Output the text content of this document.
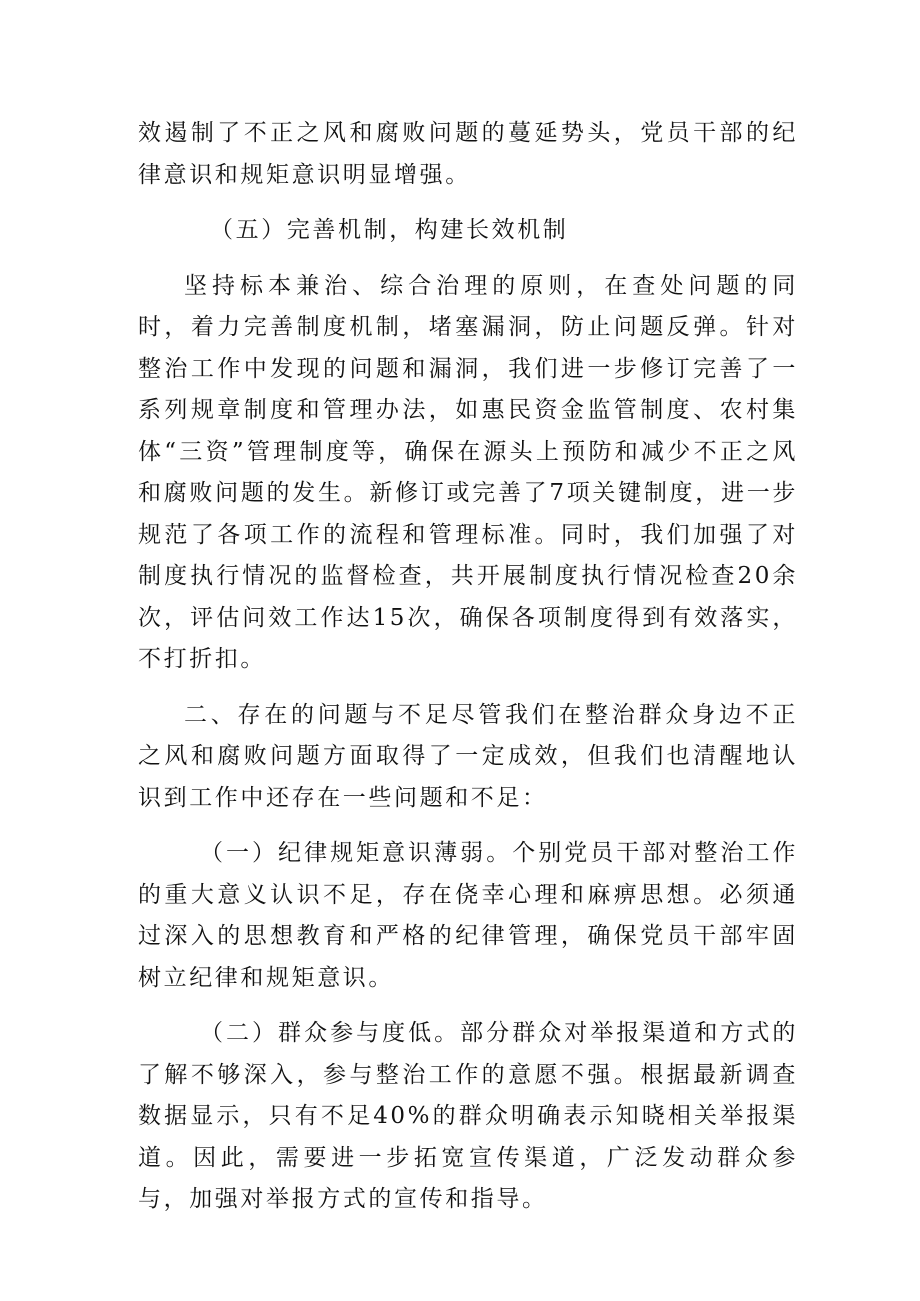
效遏制了不正之风和腐败问题的蔓延势头，党员干部的纪律意识和规矩意识明显增强。

（五）完善机制，构建长效机制

坚持标本兼治、综合治理的原则，在查处问题的同时，着力完善制度机制，堵塞漏洞，防止问题反弹。针对整治工作中发现的问题和漏洞，我们进一步修订完善了一系列规章制度和管理办法，如惠民资金监管制度、农村集体“三资”管理制度等，确保在源头上预防和减少不正之风和腐败问题的发生。新修订或完善了7项关键制度，进一步规范了各项工作的流程和管理标准。同时，我们加强了对制度执行情况的监督检查，共开展制度执行情况检查20余次，评估问效工作达15次，确保各项制度得到有效落实，不打折扣。

二、存在的问题与不足尽管我们在整治群众身边不正之风和腐败问题方面取得了一定成效，但我们也清醒地认识到工作中还存在一些问题和不足：

（一）纪律规矩意识薄弱。个别党员干部对整治工作的重大意义认识不足，存在侥幸心理和麻痹思想。必须通过深入的思想教育和严格的纪律管理，确保党员干部牢固树立纪律和规矩意识。

（二）群众参与度低。部分群众对举报渠道和方式的了解不够深入，参与整治工作的意愿不强。根据最新调查数据显示，只有不足40%的群众明确表示知晓相关举报渠道。因此，需要进一步拓宽宣传渠道，广泛发动群众参与，加强对举报方式的宣传和指导。
